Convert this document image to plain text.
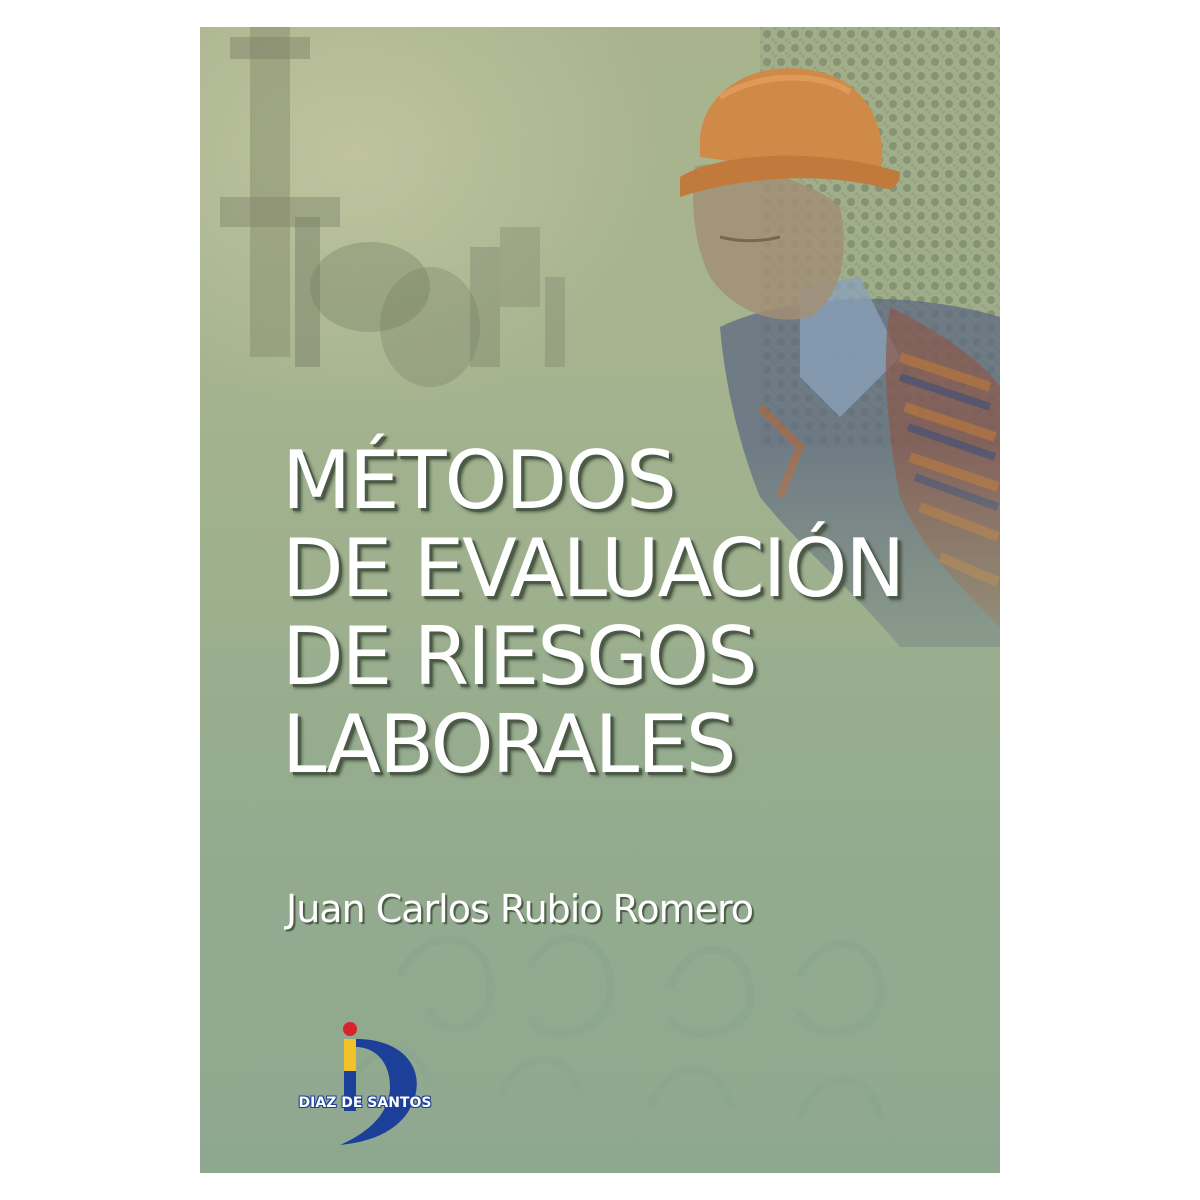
MÉTODOS
DE EVALUACIÓN
DE RIESGOS
LABORALES
Juan Carlos Rubio Romero
DIAZ DE SANTOS
